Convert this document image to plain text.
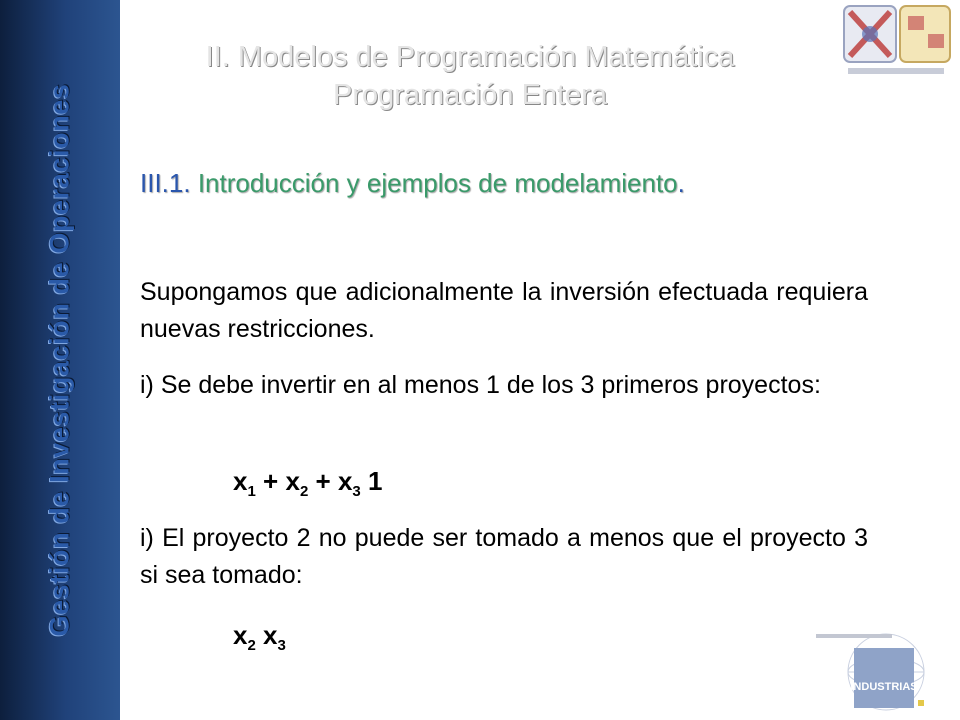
Gestión de Investigación de Operaciones
II. Modelos de Programación Matemática
Programación Entera
III.1. Introducción y ejemplos de modelamiento.
Supongamos que adicionalmente la inversión efectuada requiera nuevas restricciones.
i) Se debe invertir en al menos 1 de los 3 primeros proyectos:
$x_1 + x_2 + x_3$ 1
i) El proyecto 2 no puede ser tomado a menos que el proyecto 3 si sea tomado:
$x_2$ $x_3$
INDUSTRIAS
